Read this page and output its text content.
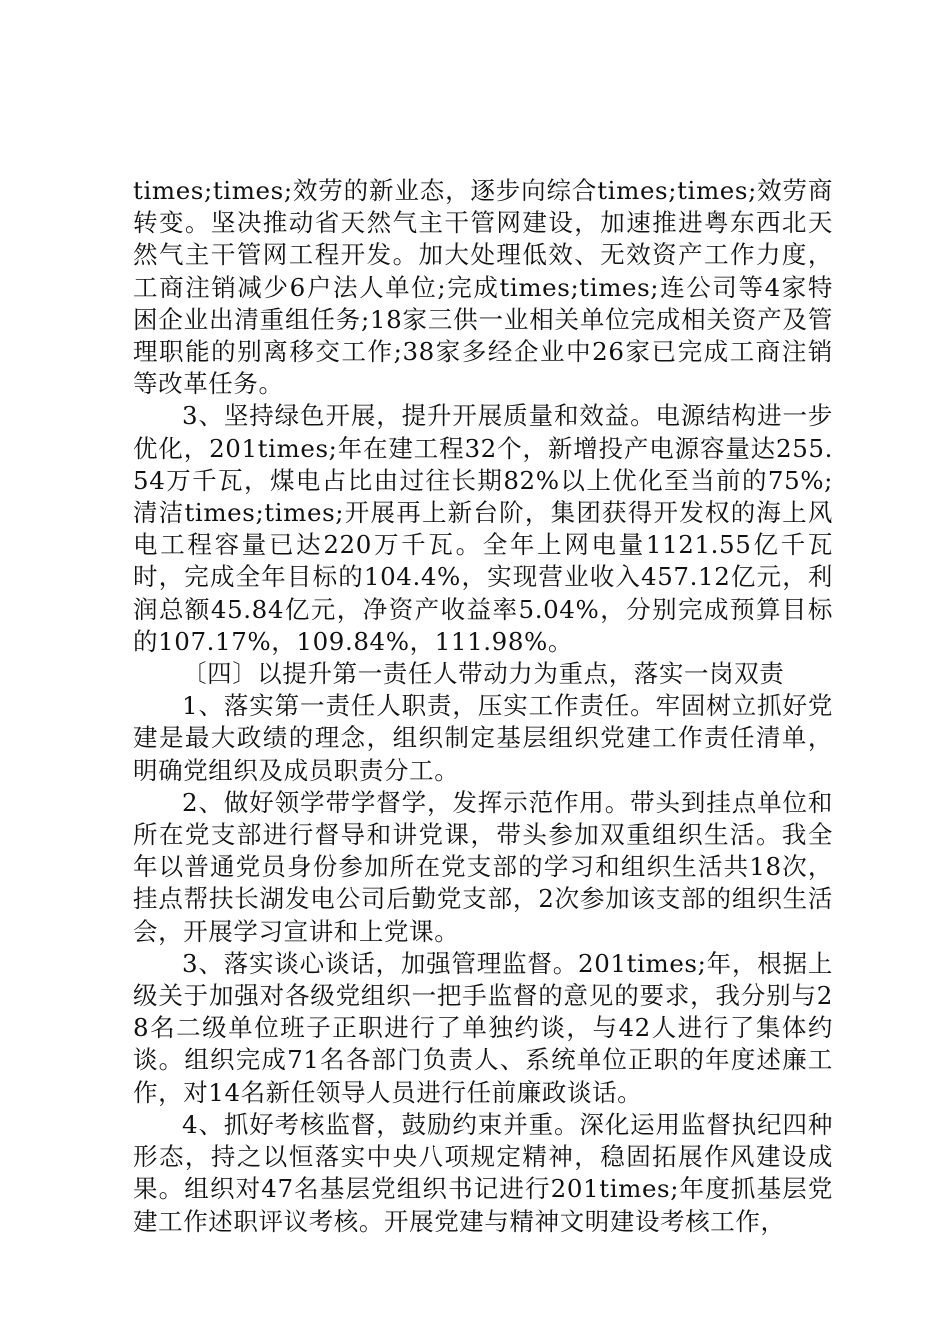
times;times;效劳的新业态，逐步向综合times;times;效劳商转变。坚决推动省天然气主干管网建设，加速推进粤东西北天然气主干管网工程开发。加大处理低效、无效资产工作力度，工商注销减少6户法人单位;完成times;times;连公司等4家特困企业出清重组任务;18家三供一业相关单位完成相关资产及管理职能的别离移交工作;38家多经企业中26家已完成工商注销等改革任务。

3、坚持绿色开展，提升开展质量和效益。电源结构进一步优化，201times;年在建工程32个，新增投产电源容量达255.54万千瓦，煤电占比由过往长期82%以上优化至当前的75%;清洁times;times;开展再上新台阶，集团获得开发权的海上风电工程容量已达220万千瓦。全年上网电量1121.55亿千瓦时，完成全年目标的104.4%，实现营业收入457.12亿元，利润总额45.84亿元，净资产收益率5.04%，分别完成预算目标的107.17%，109.84%，111.98%。

〔四〕以提升第一责任人带动力为重点，落实一岗双责

1、落实第一责任人职责，压实工作责任。牢固树立抓好党建是最大政绩的理念，组织制定基层组织党建工作责任清单，明确党组织及成员职责分工。

2、做好领学带学督学，发挥示范作用。带头到挂点单位和所在党支部进行督导和讲党课，带头参加双重组织生活。我全年以普通党员身份参加所在党支部的学习和组织生活共18次，挂点帮扶长湖发电公司后勤党支部，2次参加该支部的组织生活会，开展学习宣讲和上党课。

3、落实谈心谈话，加强管理监督。201times;年，根据上级关于加强对各级党组织一把手监督的意见的要求，我分别与28名二级单位班子正职进行了单独约谈，与42人进行了集体约谈。组织完成71名各部门负责人、系统单位正职的年度述廉工作，对14名新任领导人员进行任前廉政谈话。

4、抓好考核监督，鼓励约束并重。深化运用监督执纪四种形态，持之以恒落实中央八项规定精神，稳固拓展作风建设成果。组织对47名基层党组织书记进行201times;年度抓基层党建工作述职评议考核。开展党建与精神文明建设考核工作，
